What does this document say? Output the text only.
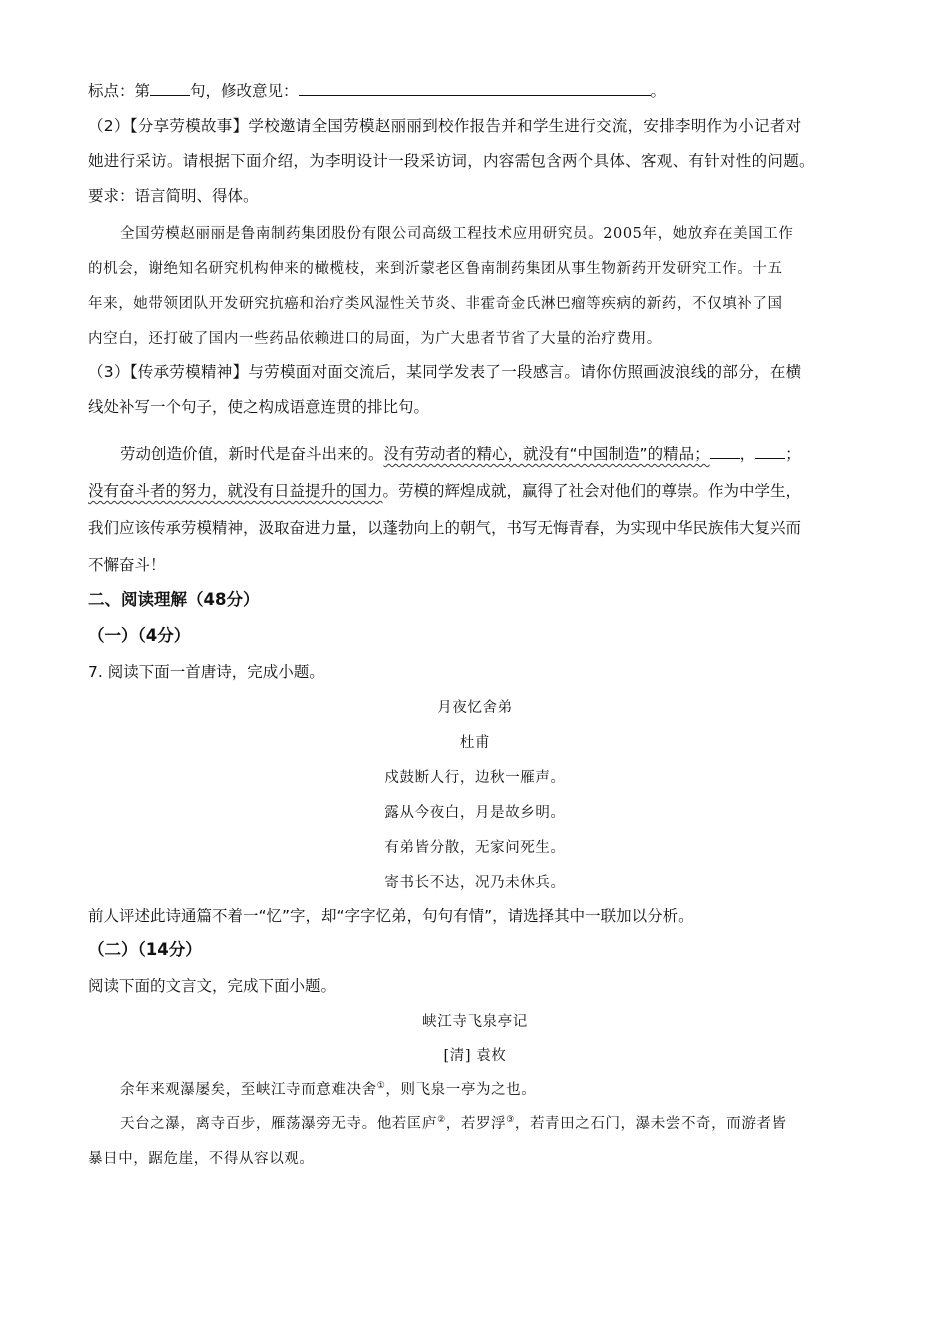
标点：第	句，修改意见：	。
（2）【分享劳模故事】学校邀请全国劳模赵丽丽到校作报告并和学生进行交流，安排李明作为小记者对
她进行采访。请根据下面介绍，为李明设计一段采访词，内容需包含两个具体、客观、有针对性的问题。
要求：语言简明、得体。
全国劳模赵丽丽是鲁南制药集团股份有限公司高级工程技术应用研究员。2005年，她放弃在美国工作
的机会，谢绝知名研究机构伸来的橄榄枝，来到沂蒙老区鲁南制药集团从事生物新药开发研究工作。十五
年来，她带领团队开发研究抗癌和治疗类风湿性关节炎、非霍奇金氏淋巴瘤等疾病的新药，不仅填补了国
内空白，还打破了国内一些药品依赖进口的局面，为广大患者节省了大量的治疗费用。
（3）【传承劳模精神】与劳模面对面交流后，某同学发表了一段感言。请你仿照画波浪线的部分，在横
线处补写一个句子，使之构成语意连贯的排比句。
劳动创造价值，新时代是奋斗出来的。没有劳动者的精心，就没有“中国制造”的精品； ， ；
没有奋斗者的努力，就没有日益提升的国力。劳模的辉煌成就，赢得了社会对他们的尊崇。作为中学生，
我们应该传承劳模精神，汲取奋进力量，以蓬勃向上的朝气，书写无悔青春，为实现中华民族伟大复兴而
不懈奋斗！
二、阅读理解（48分）
（一）（4分）
7. 阅读下面一首唐诗，完成小题。
月夜忆舍弟
杜甫
戍鼓断人行，边秋一雁声。
露从今夜白，月是故乡明。
有弟皆分散，无家问死生。
寄书长不达，况乃未休兵。
前人评述此诗通篇不着一“忆”字，却“字字忆弟，句句有情”，请选择其中一联加以分析。
（二）（14分）
阅读下面的文言文，完成下面小题。
峡江寺飞泉亭记
[清] 袁枚
余年来观瀑屡矣，至峡江寺而意难决舍①，则飞泉一亭为之也。
天台之瀑，离寺百步，雁荡瀑旁无寺。他若匡庐②，若罗浮③，若青田之石门，瀑未尝不奇，而游者皆
暴日中，踞危崖，不得从容以观。
